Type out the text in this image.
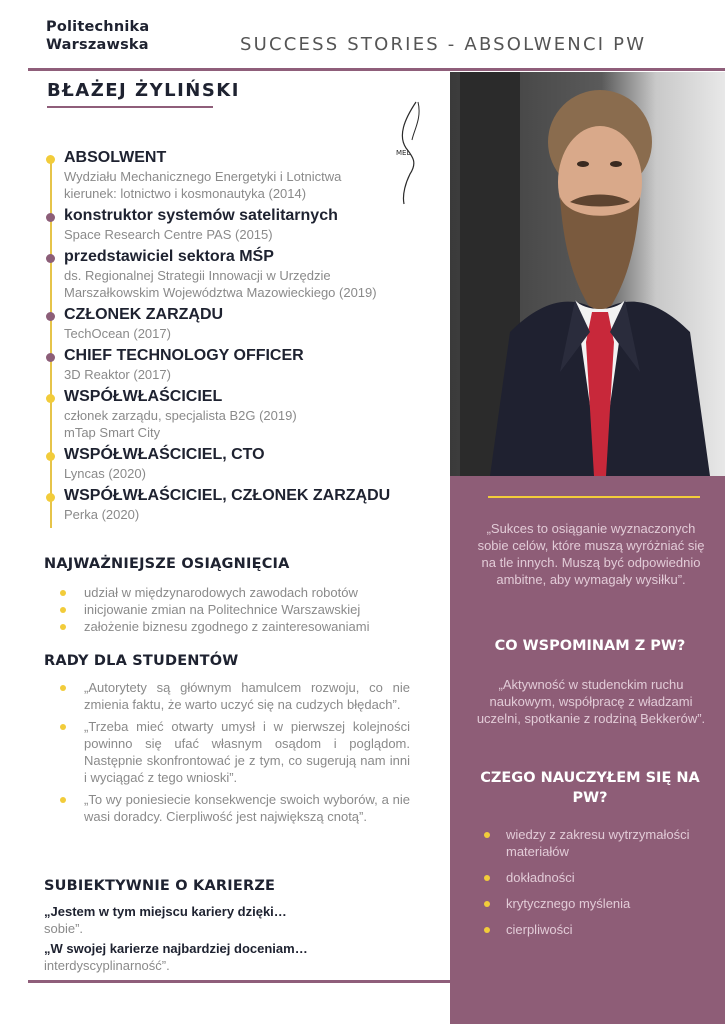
Politechnika
Warszawska	SUCCESS STORIES - ABSOLWENCI PW
BŁAŻEJ ŻYLIŃSKI
MEL
ABSOLWENT
Wydziału Mechanicznego Energetyki i Lotnictwa
kierunek: lotnictwo i kosmonautyka (2014)
konstruktor systemów satelitarnych
Space Research Centre PAS (2015)
przedstawiciel sektora MŚP
ds. Regionalnej Strategii Innowacji w Urzędzie
Marszałkowskim Województwa Mazowieckiego (2019)
CZŁONEK ZARZĄDU
TechOcean (2017)
CHIEF TECHNOLOGY OFFICER
3D Reaktor (2017)
WSPÓŁWŁAŚCICIEL
członek zarządu, specjalista B2G (2019)
mTap Smart City
WSPÓŁWŁAŚCICIEL, CTO
Lyncas (2020)
WSPÓŁWŁAŚCICIEL, CZŁONEK ZARZĄDU
Perka (2020)
NAJWAŻNIEJSZE OSIĄGNIĘCIA
udział w międzynarodowych zawodach robotów
inicjowanie zmian na Politechnice Warszawskiej
założenie biznesu zgodnego z zainteresowaniami
RADY DLA STUDENTÓW
„Autorytety są głównym hamulcem rozwoju, co nie zmienia faktu, że warto uczyć się na cudzych błędach”.
„Trzeba mieć otwarty umysł i w pierwszej kolejności powinno się ufać własnym osądom i poglądom. Następnie skonfrontować je z tym, co sugerują nam inni i wyciągać z tego wnioski”.
„To wy poniesiecie konsekwencje swoich wyborów, a nie wasi doradcy. Cierpliwość jest największą cnotą”.
SUBIEKTYWNIE O KARIERZE
„Jestem w tym miejscu kariery dzięki…
sobie”.
„W swojej karierze najbardziej doceniam…
interdyscyplinarność”.
„Sukces to osiąganie wyznaczonych sobie celów, które muszą wyróżniać się na tle innych. Muszą być odpowiednio ambitne, aby wymagały wysiłku”.
CO WSPOMINAM Z PW?
„Aktywność w studenckim ruchu naukowym, współpracę z władzami uczelni, spotkanie z rodziną Bekkerów”.
CZEGO NAUCZYŁEM SIĘ NA PW?
wiedzy z zakresu wytrzymałości materiałów
dokładności
krytycznego myślenia
cierpliwości
